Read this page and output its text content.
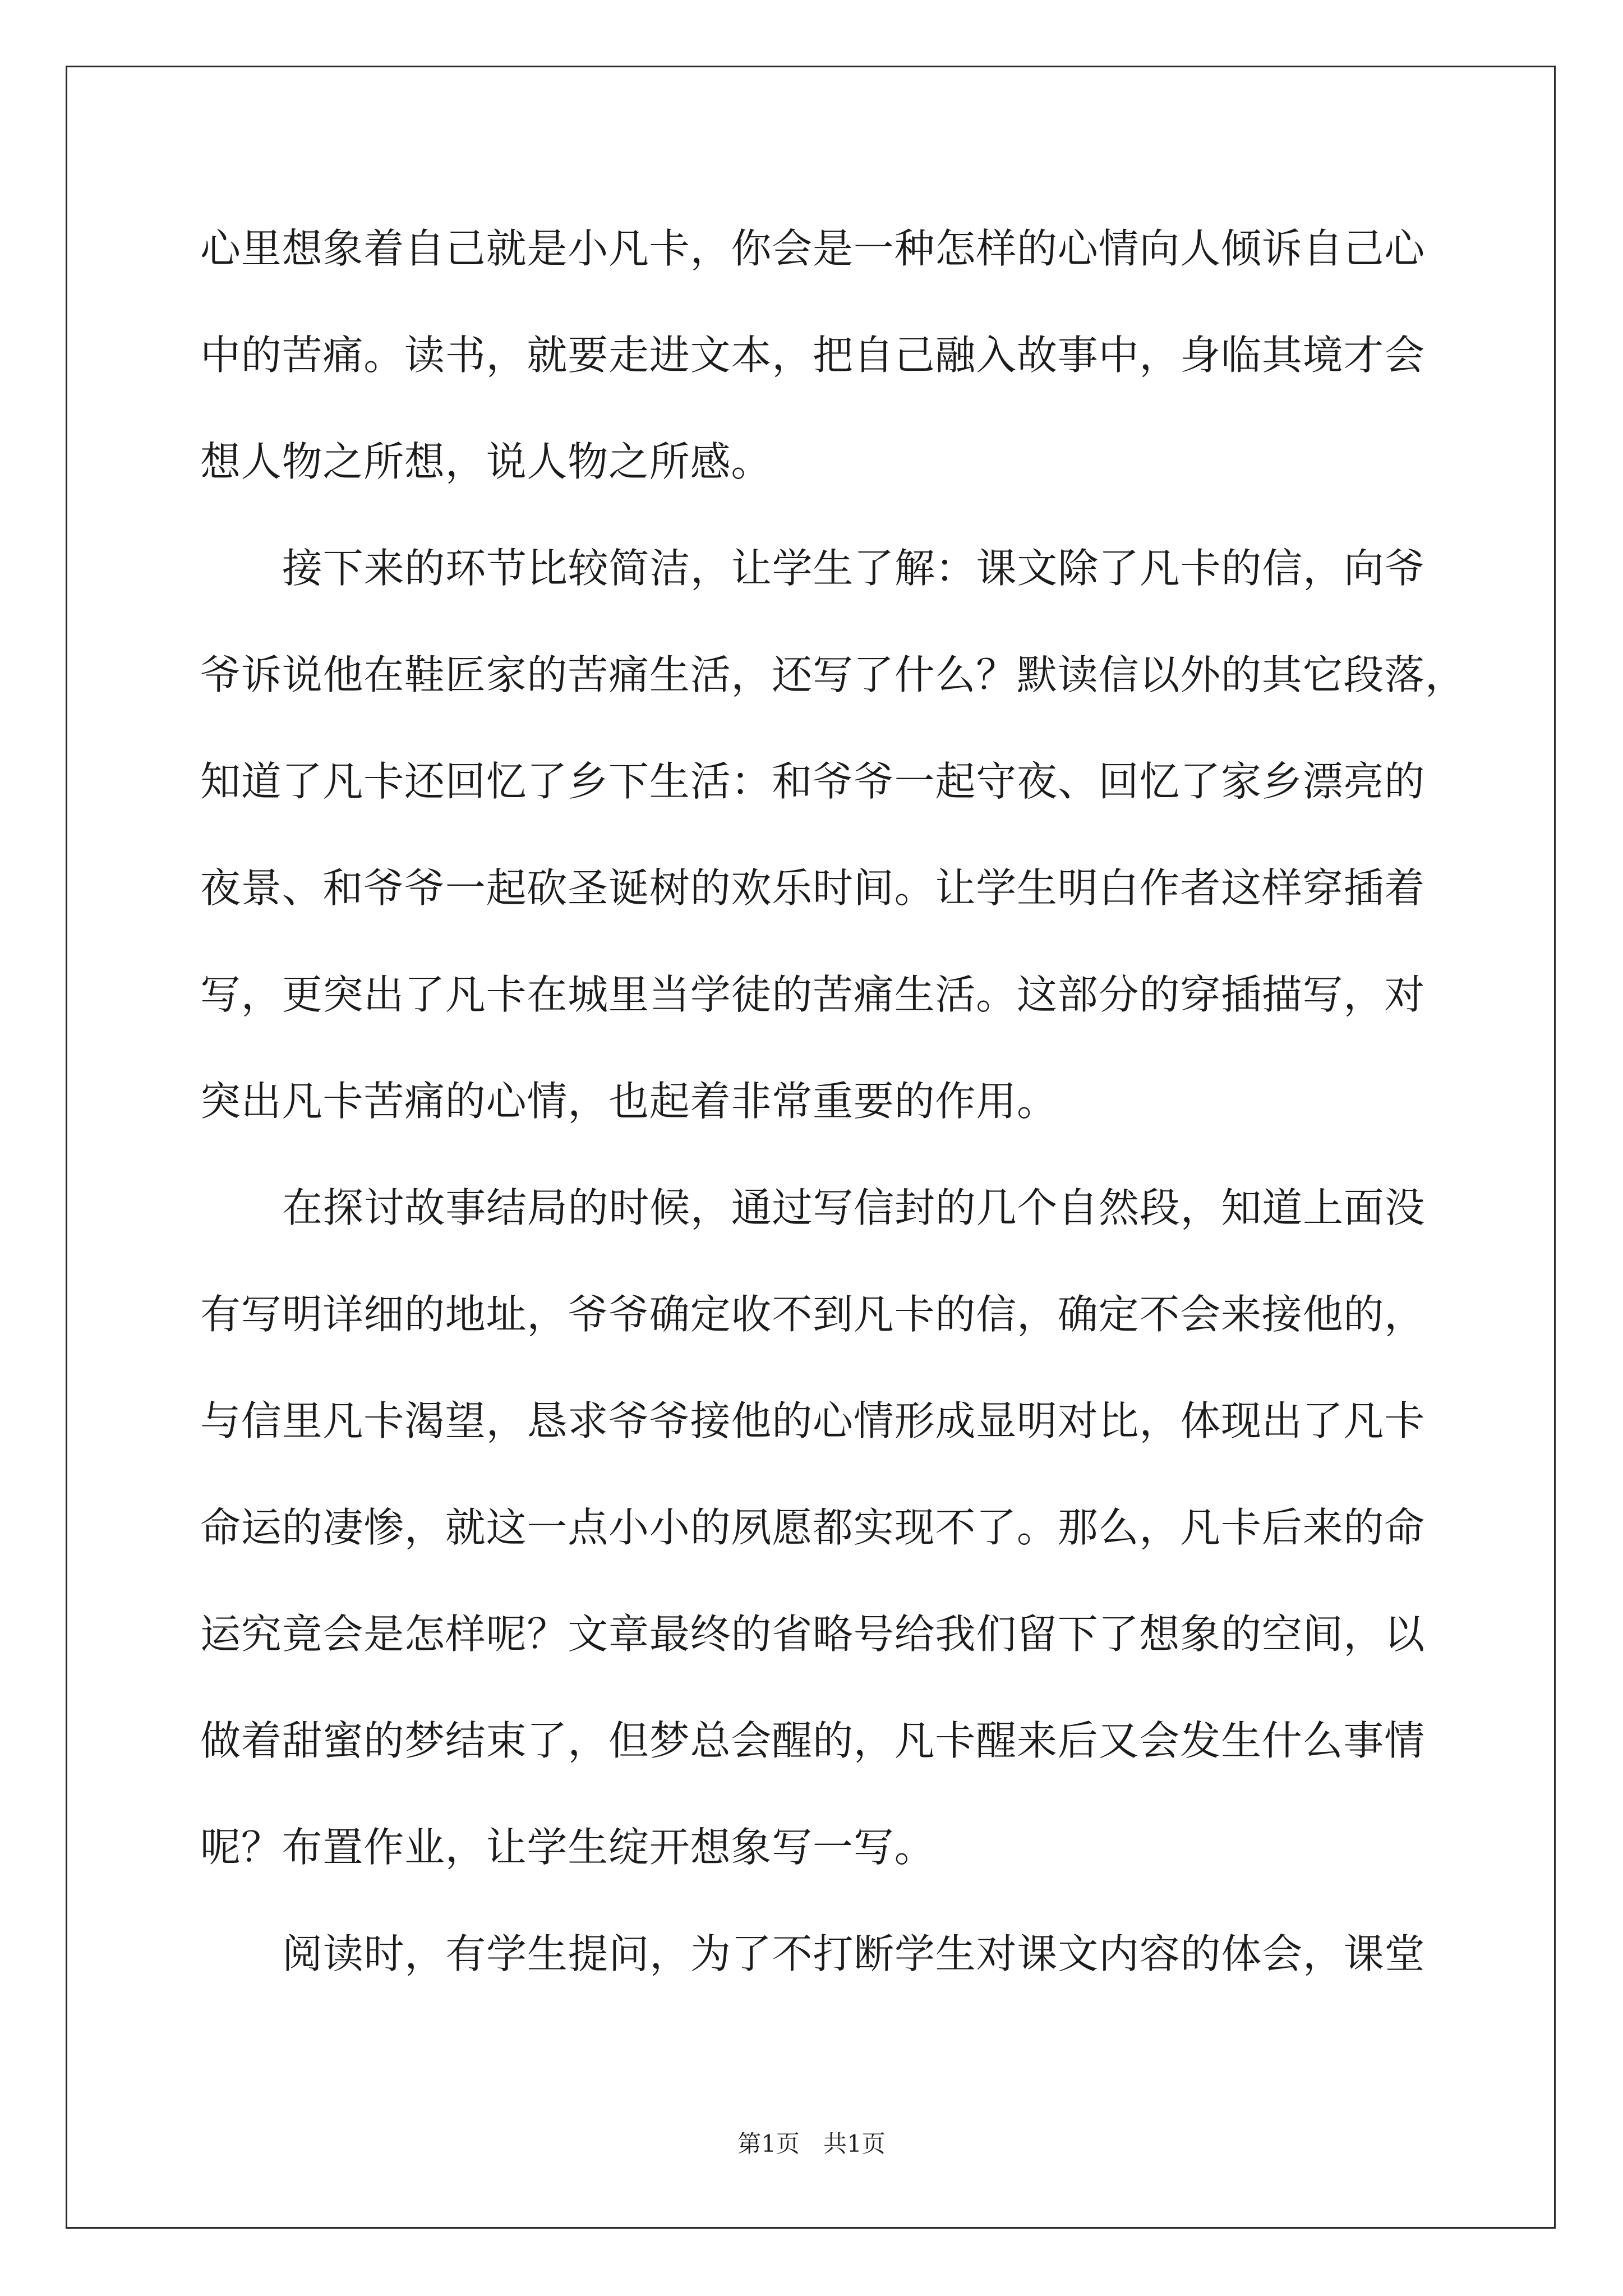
心里想象着自己就是小凡卡，你会是一种怎样的心情向人倾诉自己心
中的苦痛。读书，就要走进文本，把自己融入故事中，身临其境才会
想人物之所想，说人物之所感。
接下来的环节比较简洁，让学生了解：课文除了凡卡的信，向爷
爷诉说他在鞋匠家的苦痛生活，还写了什么？默读信以外的其它段落，
知道了凡卡还回忆了乡下生活：和爷爷一起守夜、回忆了家乡漂亮的
夜景、和爷爷一起砍圣诞树的欢乐时间。让学生明白作者这样穿插着
写，更突出了凡卡在城里当学徒的苦痛生活。这部分的穿插描写，对
突出凡卡苦痛的心情，也起着非常重要的作用。
在探讨故事结局的时候，通过写信封的几个自然段，知道上面没
有写明详细的地址，爷爷确定收不到凡卡的信，确定不会来接他的，
与信里凡卡渴望，恳求爷爷接他的心情形成显明对比，体现出了凡卡
命运的凄惨，就这一点小小的夙愿都实现不了。那么，凡卡后来的命
运究竟会是怎样呢？文章最终的省略号给我们留下了想象的空间，以
做着甜蜜的梦结束了，但梦总会醒的，凡卡醒来后又会发生什么事情
呢？布置作业，让学生绽开想象写一写。
阅读时，有学生提问，为了不打断学生对课文内容的体会，课堂
第1页　共1页
